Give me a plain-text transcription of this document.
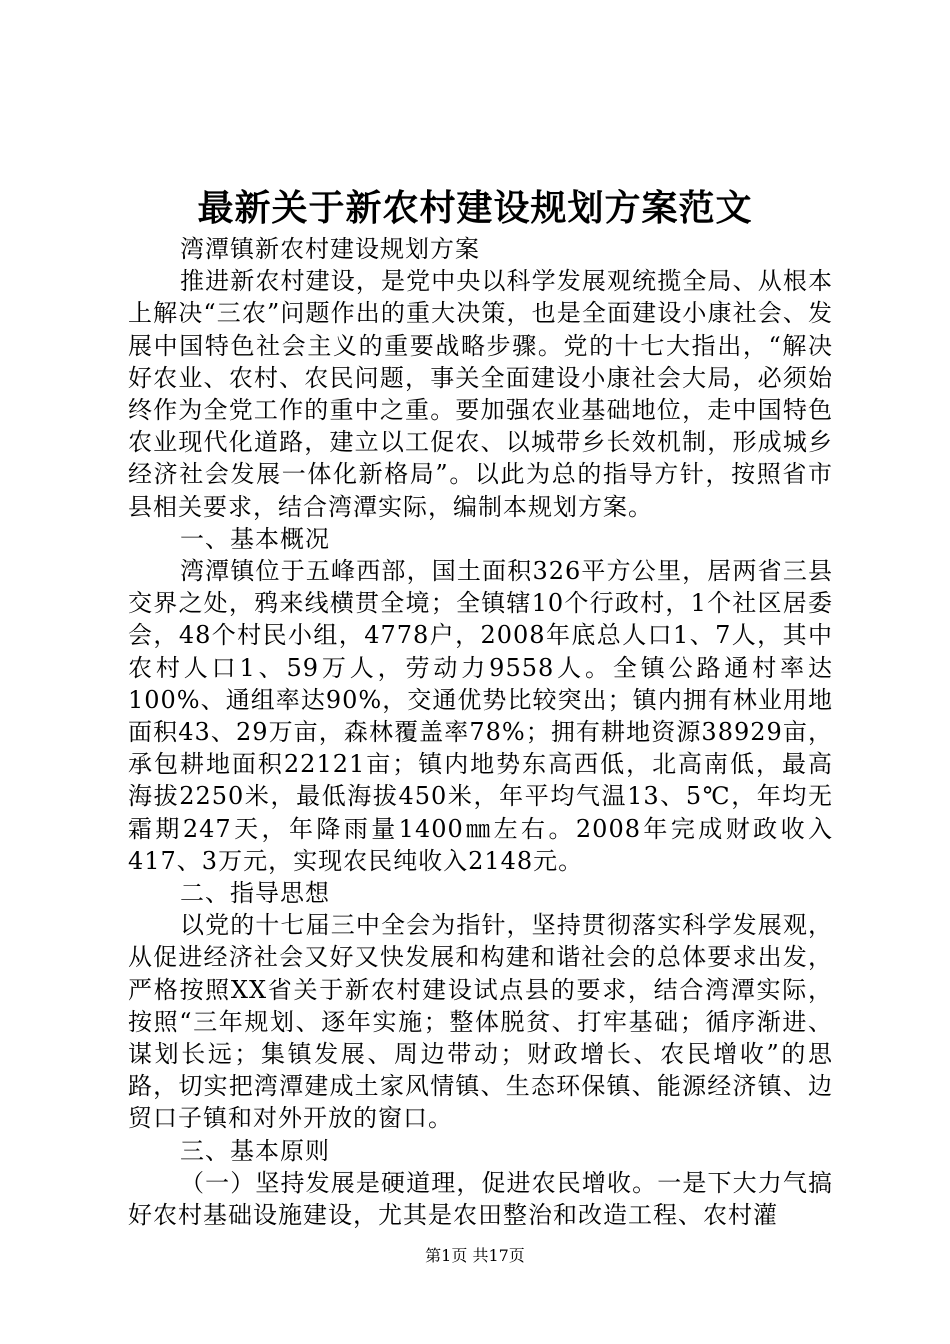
最新关于新农村建设规划方案范文

湾潭镇新农村建设规划方案

推进新农村建设，是党中央以科学发展观统揽全局、从根本上解决“三农”问题作出的重大决策，也是全面建设小康社会、发展中国特色社会主义的重要战略步骤。党的十七大指出，“解决好农业、农村、农民问题，事关全面建设小康社会大局，必须始终作为全党工作的重中之重。要加强农业基础地位，走中国特色农业现代化道路，建立以工促农、以城带乡长效机制，形成城乡经济社会发展一体化新格局”。以此为总的指导方针，按照省市县相关要求，结合湾潭实际，编制本规划方案。

一、基本概况

湾潭镇位于五峰西部，国土面积326平方公里，居两省三县交界之处，鸦来线横贯全境；全镇辖10个行政村，1个社区居委会，48个村民小组，4778户，2008年底总人口1、7人，其中农村人口1、59万人，劳动力9558人。全镇公路通村率达100%、通组率达90%，交通优势比较突出；镇内拥有林业用地面积43、29万亩，森林覆盖率78%；拥有耕地资源38929亩，承包耕地面积22121亩；镇内地势东高西低，北高南低，最高海拔2250米，最低海拔450米，年平均气温13、5℃，年均无霜期247天，年降雨量1400㎜左右。2008年完成财政收入417、3万元，实现农民纯收入2148元。

二、指导思想

以党的十七届三中全会为指针，坚持贯彻落实科学发展观，从促进经济社会又好又快发展和构建和谐社会的总体要求出发，严格按照XX省关于新农村建设试点县的要求，结合湾潭实际，按照“三年规划、逐年实施；整体脱贫、打牢基础；循序渐进、谋划长远；集镇发展、周边带动；财政增长、农民增收”的思路，切实把湾潭建成土家风情镇、生态环保镇、能源经济镇、边贸口子镇和对外开放的窗口。

三、基本原则

（一）坚持发展是硬道理，促进农民增收。一是下大力气搞好农村基础设施建设，尤其是农田整治和改造工程、农村灌

第1页 共17页
